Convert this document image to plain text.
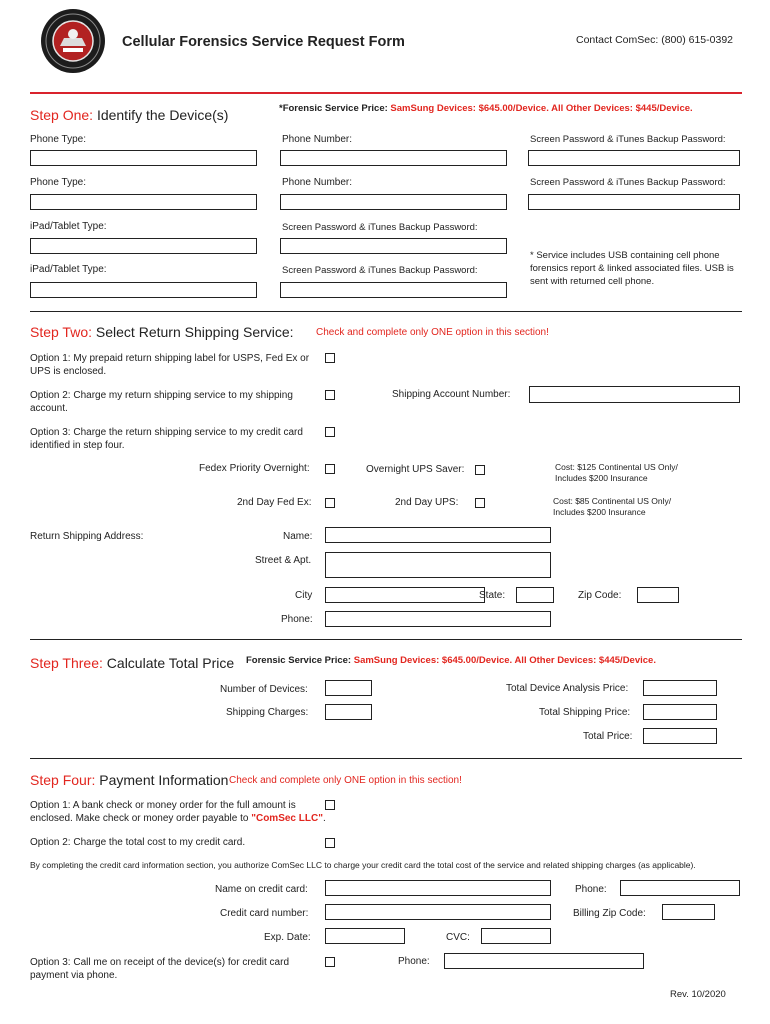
Cellular Forensics Service Request Form	Contact ComSec: (800) 615-0392
Step One: Identify the Device(s)	*Forensic Service Price: SamSung Devices: $645.00/Device. All Other Devices: $445/Device.
Phone Type:	Phone Number:	Screen Password & iTunes Backup Password:
Phone Type:	Phone Number:	Screen Password & iTunes Backup Password:
iPad/Tablet Type:	Screen Password & iTunes Backup Password:
* Service includes USB containing cell phone forensics report & linked associated files. USB is sent with returned cell phone.
iPad/Tablet Type:	Screen Password & iTunes Backup Password:
Step Two: Select Return Shipping Service: Check and complete only ONE option in this section!
Option 1: My prepaid return shipping label for USPS, Fed Ex or UPS is enclosed.
Option 2: Charge my return shipping service to my shipping account.
Shipping Account Number:
Option 3: Charge the return shipping service to my credit card identified in step four.
Fedex Priority Overnight:	Overnight UPS Saver:	Cost: $125 Continental US Only/ Includes $200 Insurance
2nd Day Fed Ex:	2nd Day UPS:	Cost: $85 Continental US Only/ Includes $200 Insurance
Return Shipping Address:	Name:
Street & Apt.
City	State:	Zip Code:
Phone:
Step Three: Calculate Total Price Forensic Service Price: SamSung Devices: $645.00/Device. All Other Devices: $445/Device.
Number of Devices:	Total Device Analysis Price:
Shipping Charges:	Total Shipping Price:
Total Price:
Step Four: Payment Information Check and complete only ONE option in this section!
Option 1: A bank check or money order for the full amount is
enclosed. Make check or money order payable to "ComSec LLC".
Option 2: Charge the total cost to my credit card.
By completing the credit card information section, you authorize ComSec LLC to charge your credit card the total cost of the service and related shipping charges (as applicable).
Name on credit card:	Phone:
Credit card number:	Billing Zip Code:
Exp. Date:	CVC:
Option 3: Call me on receipt of the device(s) for credit card payment via phone.
Phone:
Rev. 10/2020
